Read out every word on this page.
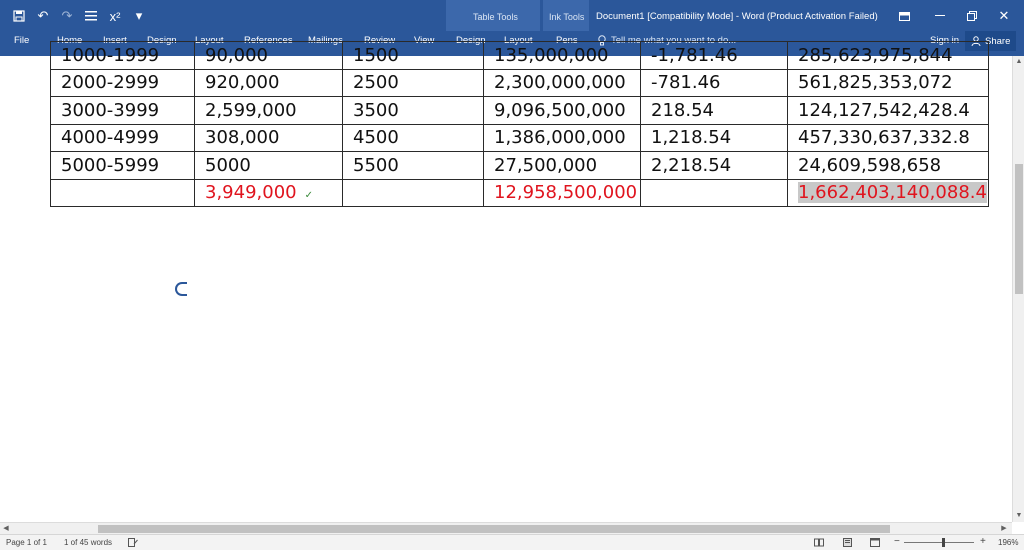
↶	↷	x²	▾	Table Tools	Ink Tools Document1 [Compatibility Mode] - Word (Product Activation Failed)	✕
File	Home Insert Design Layout References Mailings Review View Design Layout Pens	Tell me what you want to do...	Sign in	Share
1000-1999	90,000	1500	135,000,000	-1,781.46	285,623,975,844
2000-2999	920,000	2500	2,300,000,000	-781.46	561,825,353,072
3000-3999	2,599,000	3500	9,096,500,000	218.54	124,127,542,428.4
4000-4999	308,000	4500	1,386,000,000	1,218.54	457,330,637,332.8
5000-5999	5000	5500	27,500,000	2,218.54	24,609,598,658
	3,949,000 ✓		12,958,500,000		1,662,403,140,088.4
▲
▼
◀	▶
Page 1 of 1 1 of 45 words	−	+ 196%
